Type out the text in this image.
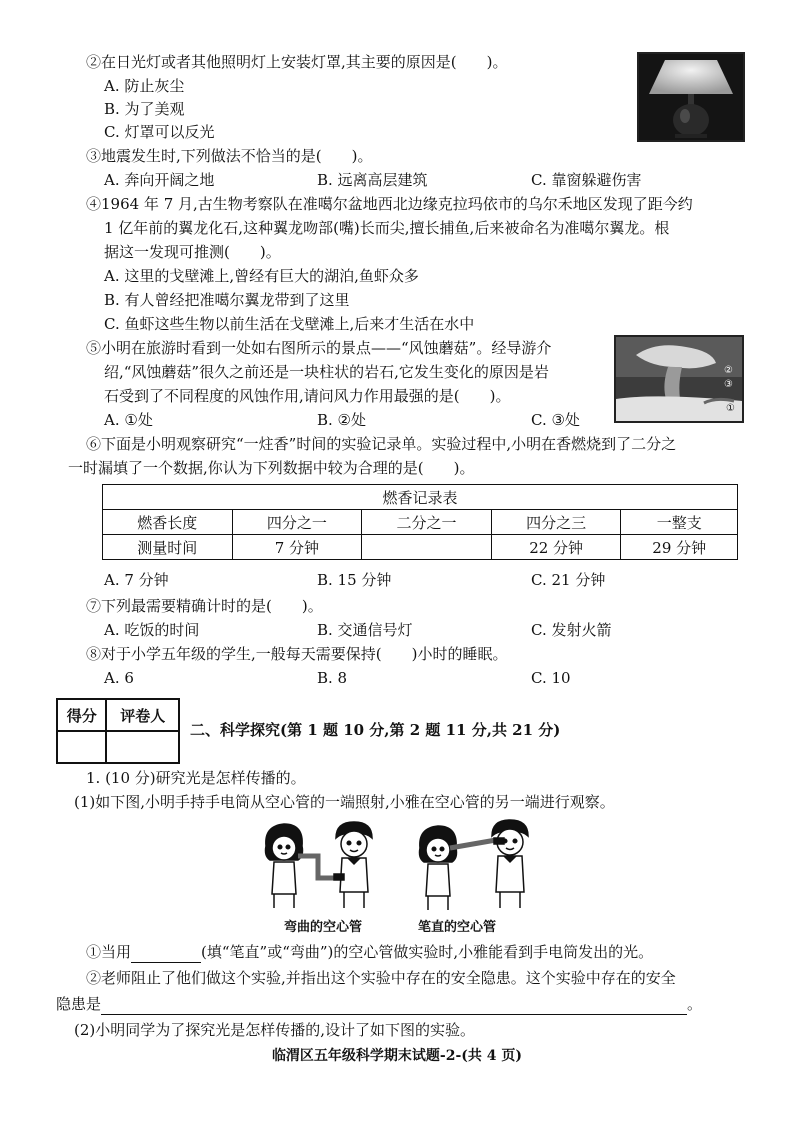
②在日光灯或者其他照明灯上安装灯罩,其主要的原因是(　　)。
A. 防止灰尘
B. 为了美观
C. 灯罩可以反光
③地震发生时,下列做法不恰当的是(　　)。
A. 奔向开阔之地	B. 远离高层建筑	C. 靠窗躲避伤害
④1964 年 7 月,古生物考察队在准噶尔盆地西北边缘克拉玛依市的乌尔禾地区发现了距今约
1 亿年前的翼龙化石,这种翼龙吻部(嘴)长而尖,擅长捕鱼,后来被命名为准噶尔翼龙。根
据这一发现可推测(　　)。
A. 这里的戈壁滩上,曾经有巨大的湖泊,鱼虾众多
B. 有人曾经把准噶尔翼龙带到了这里
C. 鱼虾这些生物以前生活在戈壁滩上,后来才生活在水中
⑤小明在旅游时看到一处如右图所示的景点——“风蚀蘑菇”。经导游介
绍,“风蚀蘑菇”很久之前还是一块柱状的岩石,它发生变化的原因是岩
石受到了不同程度的风蚀作用,请问风力作用最强的是(　　)。
A. ①处	B. ②处	C. ③处
②
③
①
⑥下面是小明观察研究“一炷香”时间的实验记录单。实验过程中,小明在香燃烧到了二分之
一时漏填了一个数据,你认为下列数据中较为合理的是(　　)。
燃香记录表				
燃香长度	四分之一	二分之一	四分之三	一整支
测量时间	7 分钟		22 分钟	29 分钟
A. 7 分钟	B. 15 分钟	C. 21 分钟
⑦下列最需要精确计时的是(　　)。
A. 吃饭的时间	B. 交通信号灯	C. 发射火箭
⑧对于小学五年级的学生,一般每天需要保持(　　)小时的睡眠。
A. 6	B. 8	C. 10
得分	评卷人

二、科学探究(第 1 题 10 分,第 2 题 11 分,共 21 分)
1. (10 分)研究光是怎样传播的。
(1)如下图,小明手持手电筒从空心管的一端照射,小雅在空心管的另一端进行观察。
弯曲的空心管	笔直的空心管
①当用	(填“笔直”或“弯曲”)的空心管做实验时,小雅能看到手电筒发出的光。
②老师阻止了他们做这个实验,并指出这个实验中存在的安全隐患。这个实验中存在的安全
隐患是	。
(2)小明同学为了探究光是怎样传播的,设计了如下图的实验。
临渭区五年级科学期末试题-2-(共 4 页)
